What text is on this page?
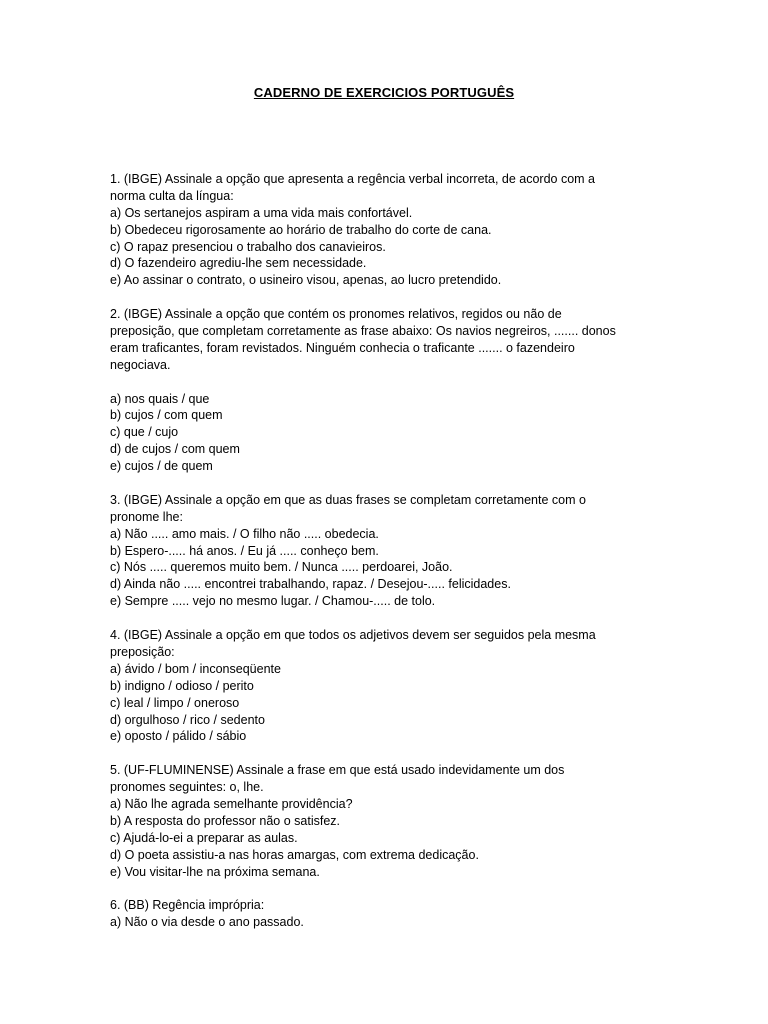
CADERNO DE EXERCICIOS PORTUGUÊS
1. (IBGE) Assinale a opção que apresenta a regência verbal incorreta, de acordo com a
norma culta da língua:
a) Os sertanejos aspiram a uma vida mais confortável.
b) Obedeceu rigorosamente ao horário de trabalho do corte de cana.
c) O rapaz presenciou o trabalho dos canavieiros.
d) O fazendeiro agrediu-lhe sem necessidade.
e) Ao assinar o contrato, o usineiro visou, apenas, ao lucro pretendido.
2. (IBGE) Assinale a opção que contém os pronomes relativos, regidos ou não de
preposição, que completam corretamente as frase abaixo: Os navios negreiros, ....... donos
eram traficantes, foram revistados. Ninguém conhecia o traficante ....... o fazendeiro
negociava.
a) nos quais / que
b) cujos / com quem
c) que / cujo
d) de cujos / com quem
e) cujos / de quem
3. (IBGE) Assinale a opção em que as duas frases se completam corretamente com o
pronome lhe:
a) Não ..... amo mais. / O filho não ..... obedecia.
b) Espero-..... há anos. / Eu já ..... conheço bem.
c) Nós ..... queremos muito bem. / Nunca ..... perdoarei, João.
d) Ainda não ..... encontrei trabalhando, rapaz. / Desejou-..... felicidades.
e) Sempre ..... vejo no mesmo lugar. / Chamou-..... de tolo.
4. (IBGE) Assinale a opção em que todos os adjetivos devem ser seguidos pela mesma
preposição:
a) ávido / bom / inconseqüente
b) indigno / odioso / perito
c) leal / limpo / oneroso
d) orgulhoso / rico / sedento
e) oposto / pálido / sábio
5. (UF-FLUMINENSE) Assinale a frase em que está usado indevidamente um dos
pronomes seguintes: o, lhe.
a) Não lhe agrada semelhante providência?
b) A resposta do professor não o satisfez.
c) Ajudá-lo-ei a preparar as aulas.
d) O poeta assistiu-a nas horas amargas, com extrema dedicação.
e) Vou visitar-lhe na próxima semana.
6. (BB) Regência imprópria:
a) Não o via desde o ano passado.
